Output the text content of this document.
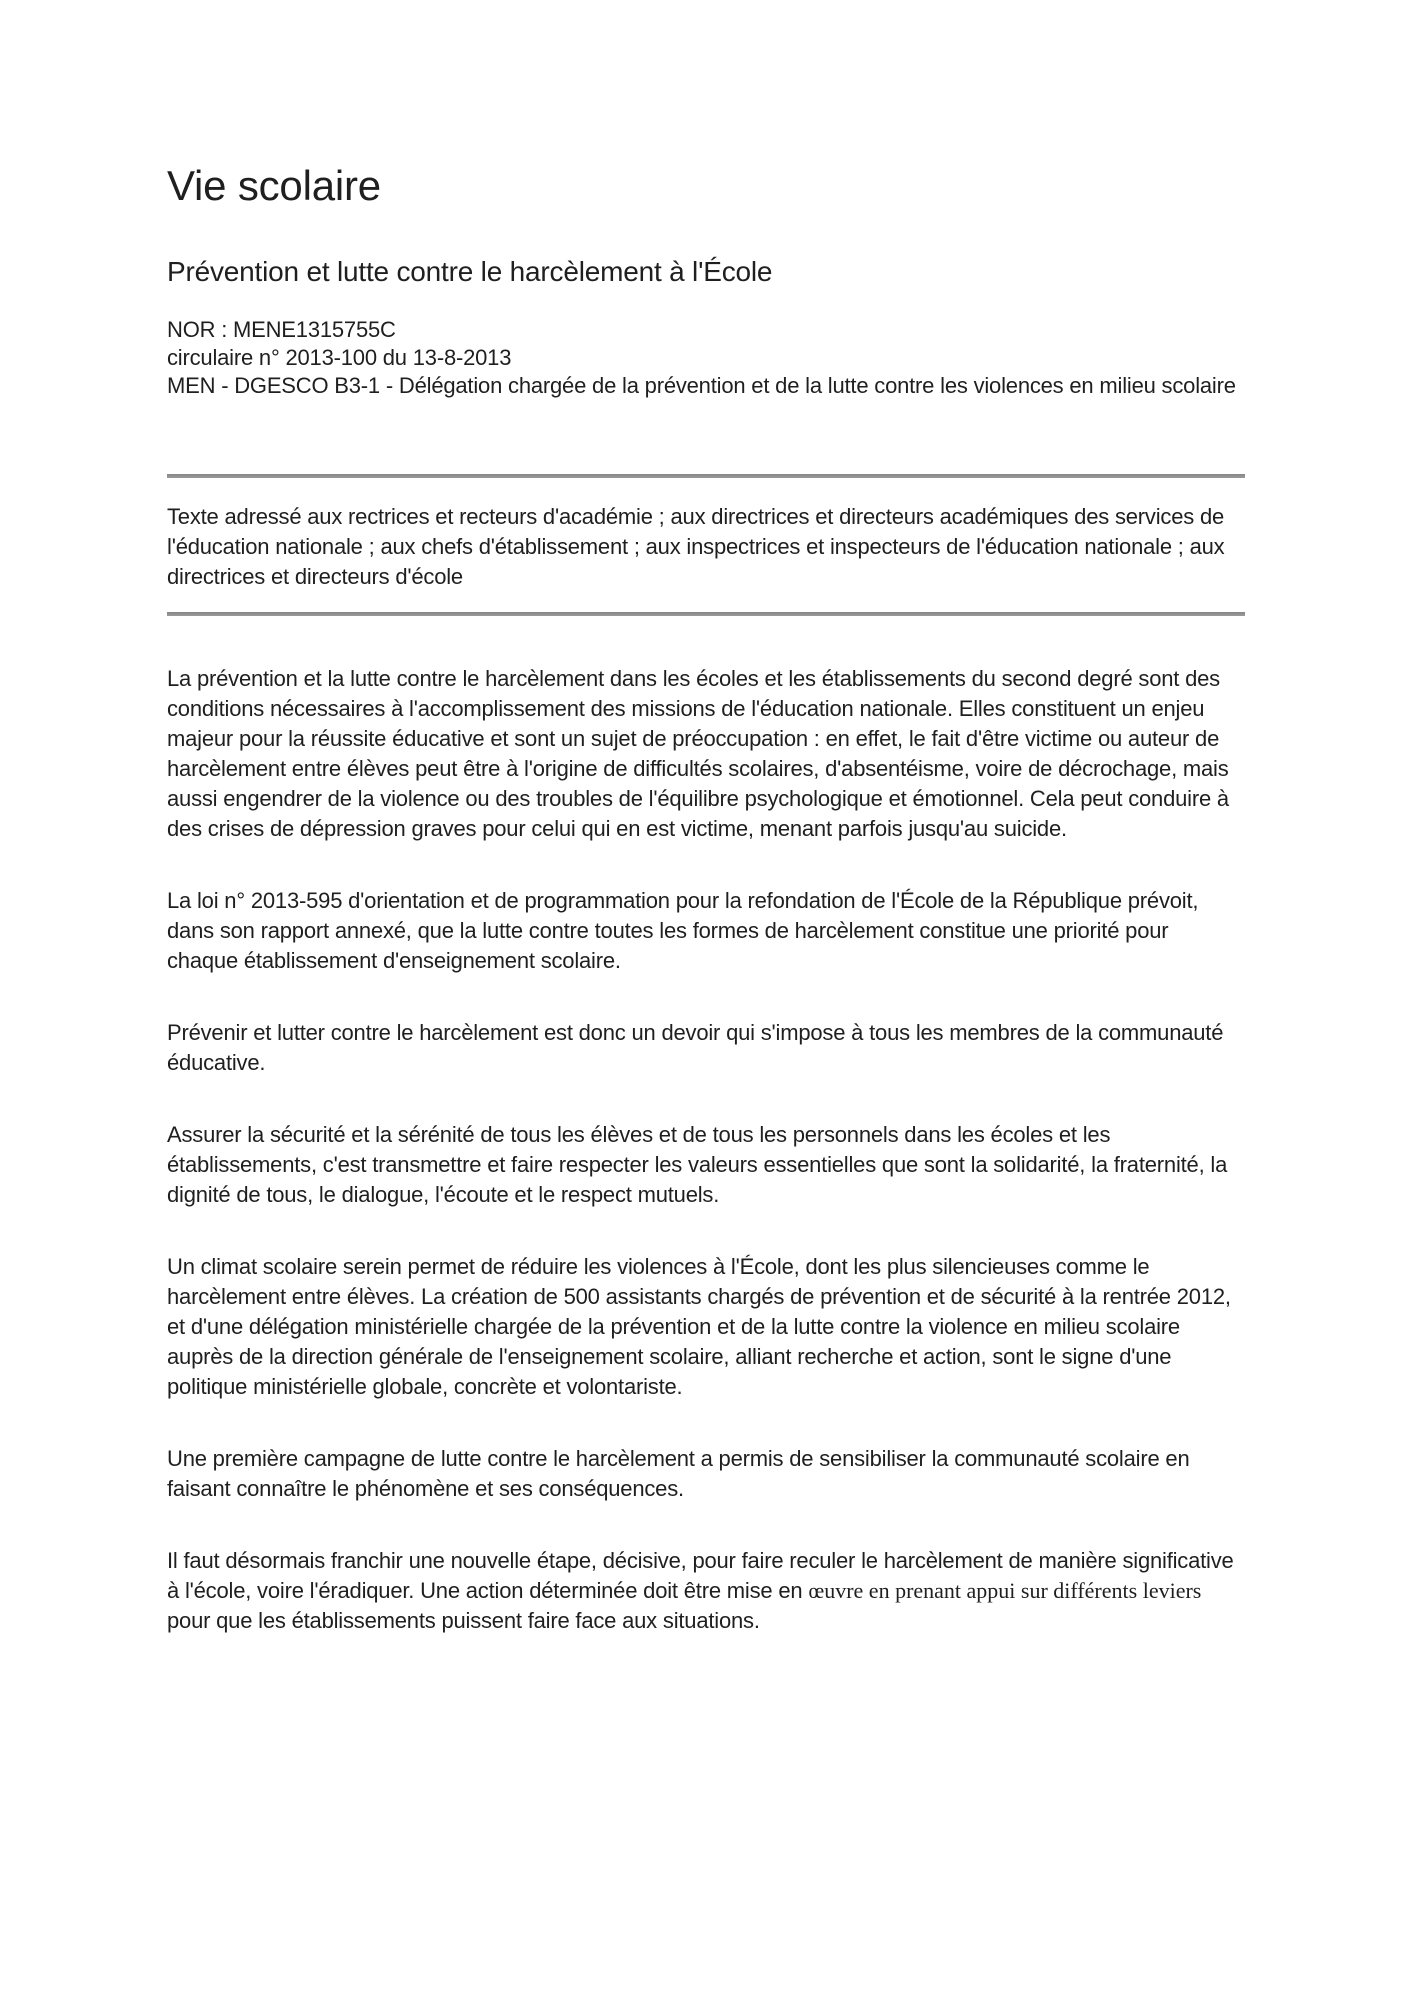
Vie scolaire
Prévention et lutte contre le harcèlement à l'École
NOR : MENE1315755C
circulaire n° 2013-100 du 13-8-2013
MEN - DGESCO B3-1 - Délégation chargée de la prévention et de la lutte contre les violences en milieu scolaire
Texte adressé aux rectrices et recteurs d'académie ; aux directrices et directeurs académiques des services de l'éducation nationale ; aux chefs d'établissement ; aux inspectrices et inspecteurs de l'éducation nationale ; aux directrices et directeurs d'école

La prévention et la lutte contre le harcèlement dans les écoles et les établissements du second degré sont des conditions nécessaires à l'accomplissement des missions de l'éducation nationale. Elles constituent un enjeu majeur pour la réussite éducative et sont un sujet de préoccupation : en effet, le fait d'être victime ou auteur de harcèlement entre élèves peut être à l'origine de difficultés scolaires, d'absentéisme, voire de décrochage, mais aussi engendrer de la violence ou des troubles de l'équilibre psychologique et émotionnel. Cela peut conduire à des crises de dépression graves pour celui qui en est victime, menant parfois jusqu'au suicide.

La loi n° 2013-595 d'orientation et de programmation pour la refondation de l'École de la République prévoit, dans son rapport annexé, que la lutte contre toutes les formes de harcèlement constitue une priorité pour chaque établissement d'enseignement scolaire.

Prévenir et lutter contre le harcèlement est donc un devoir qui s'impose à tous les membres de la communauté éducative.

Assurer la sécurité et la sérénité de tous les élèves et de tous les personnels dans les écoles et les établissements, c'est transmettre et faire respecter les valeurs essentielles que sont la solidarité, la fraternité, la dignité de tous, le dialogue, l'écoute et le respect mutuels.

Un climat scolaire serein permet de réduire les violences à l'École, dont les plus silencieuses comme le harcèlement entre élèves. La création de 500 assistants chargés de prévention et de sécurité à la rentrée 2012, et d'une délégation ministérielle chargée de la prévention et de la lutte contre la violence en milieu scolaire auprès de la direction générale de l'enseignement scolaire, alliant recherche et action, sont le signe d'une politique ministérielle globale, concrète et volontariste.

Une première campagne de lutte contre le harcèlement a permis de sensibiliser la communauté scolaire en faisant connaître le phénomène et ses conséquences.

Il faut désormais franchir une nouvelle étape, décisive, pour faire reculer le harcèlement de manière significative à l'école, voire l'éradiquer. Une action déterminée doit être mise en œuvre en prenant appui sur différents leviers pour que les établissements puissent faire face aux situations.
